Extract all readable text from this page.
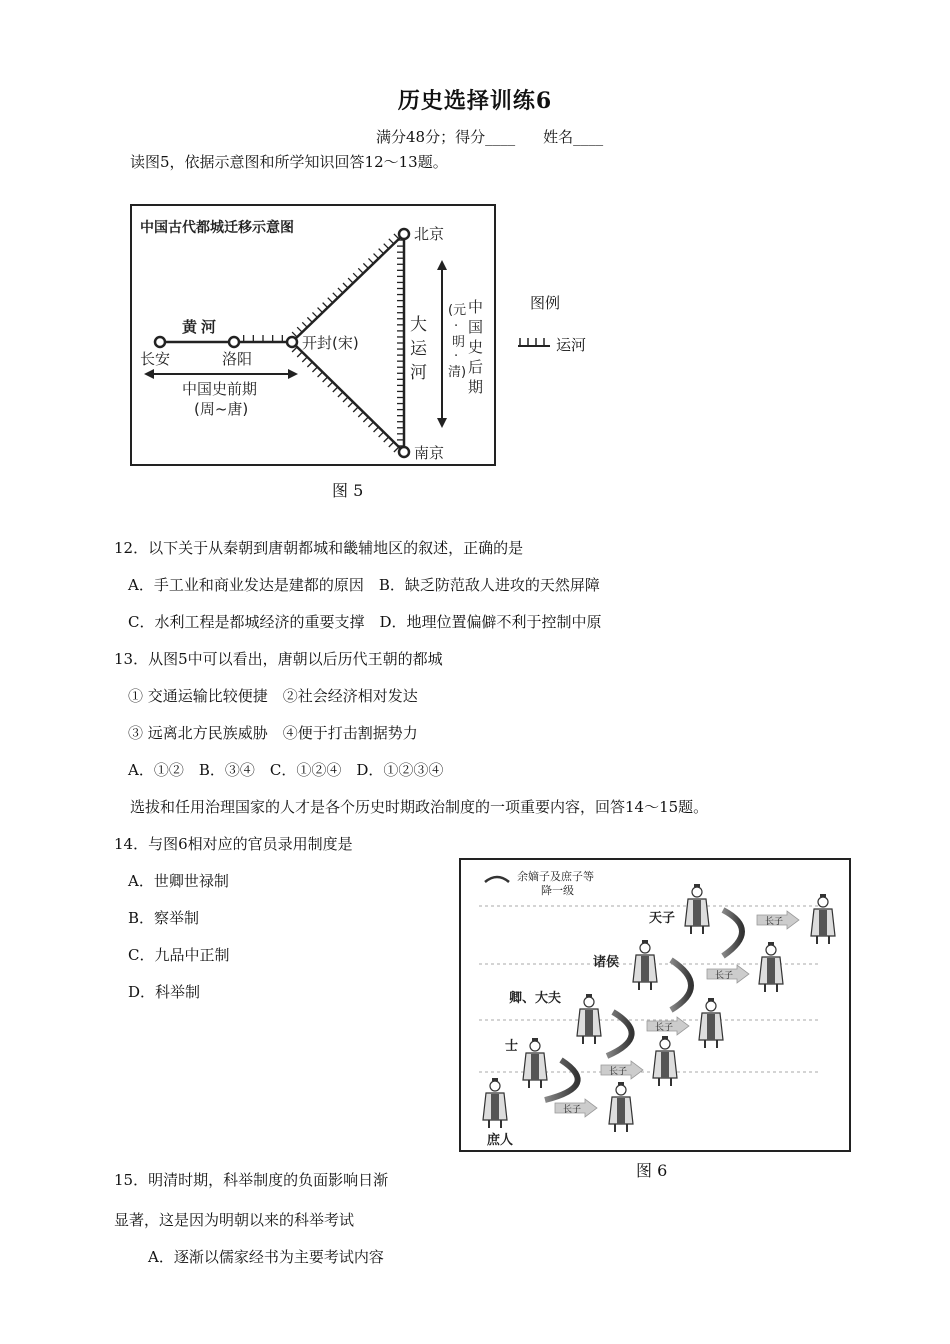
历史选择训练6
满分48分；得分____ 姓名____
读图5，依据示意图和所学知识回答12～13题。
中国古代都城迁移示意图	北京
长安	洛阳
开封(宋)
南京
黄河
中国史前期
(周~唐)
大
运
河
(元
·
明
·
清)
中
国
史
后
期
图例
运河
图 5
12．以下关于从秦朝到唐朝都城和畿辅地区的叙述，正确的是
A．手工业和商业发达是建都的原因　B．缺乏防范敌人进攻的天然屏障
C．水利工程是都城经济的重要支撑　D．地理位置偏僻不利于控制中原
13．从图5中可以看出，唐朝以后历代王朝的都城
① 交通运输比较便捷　②社会经济相对发达
③ 远离北方民族威胁　④便于打击割据势力
A．①②　B．③④　C．①②④　D．①②③④
选拔和任用治理国家的人才是各个历史时期政治制度的一项重要内容，回答14～15题。
14．与图6相对应的官员录用制度是
A．世卿世禄制
B．察举制
C．九品中正制
D．科举制
余嫡子及庶子等
降一级
天子
诸侯
卿、大夫
士
庶人
长子
长子
长子
长子
长子
图 6
15．明清时期，科举制度的负面影响日渐
显著，这是因为明朝以来的科举考试
A．逐渐以儒家经书为主要考试内容
